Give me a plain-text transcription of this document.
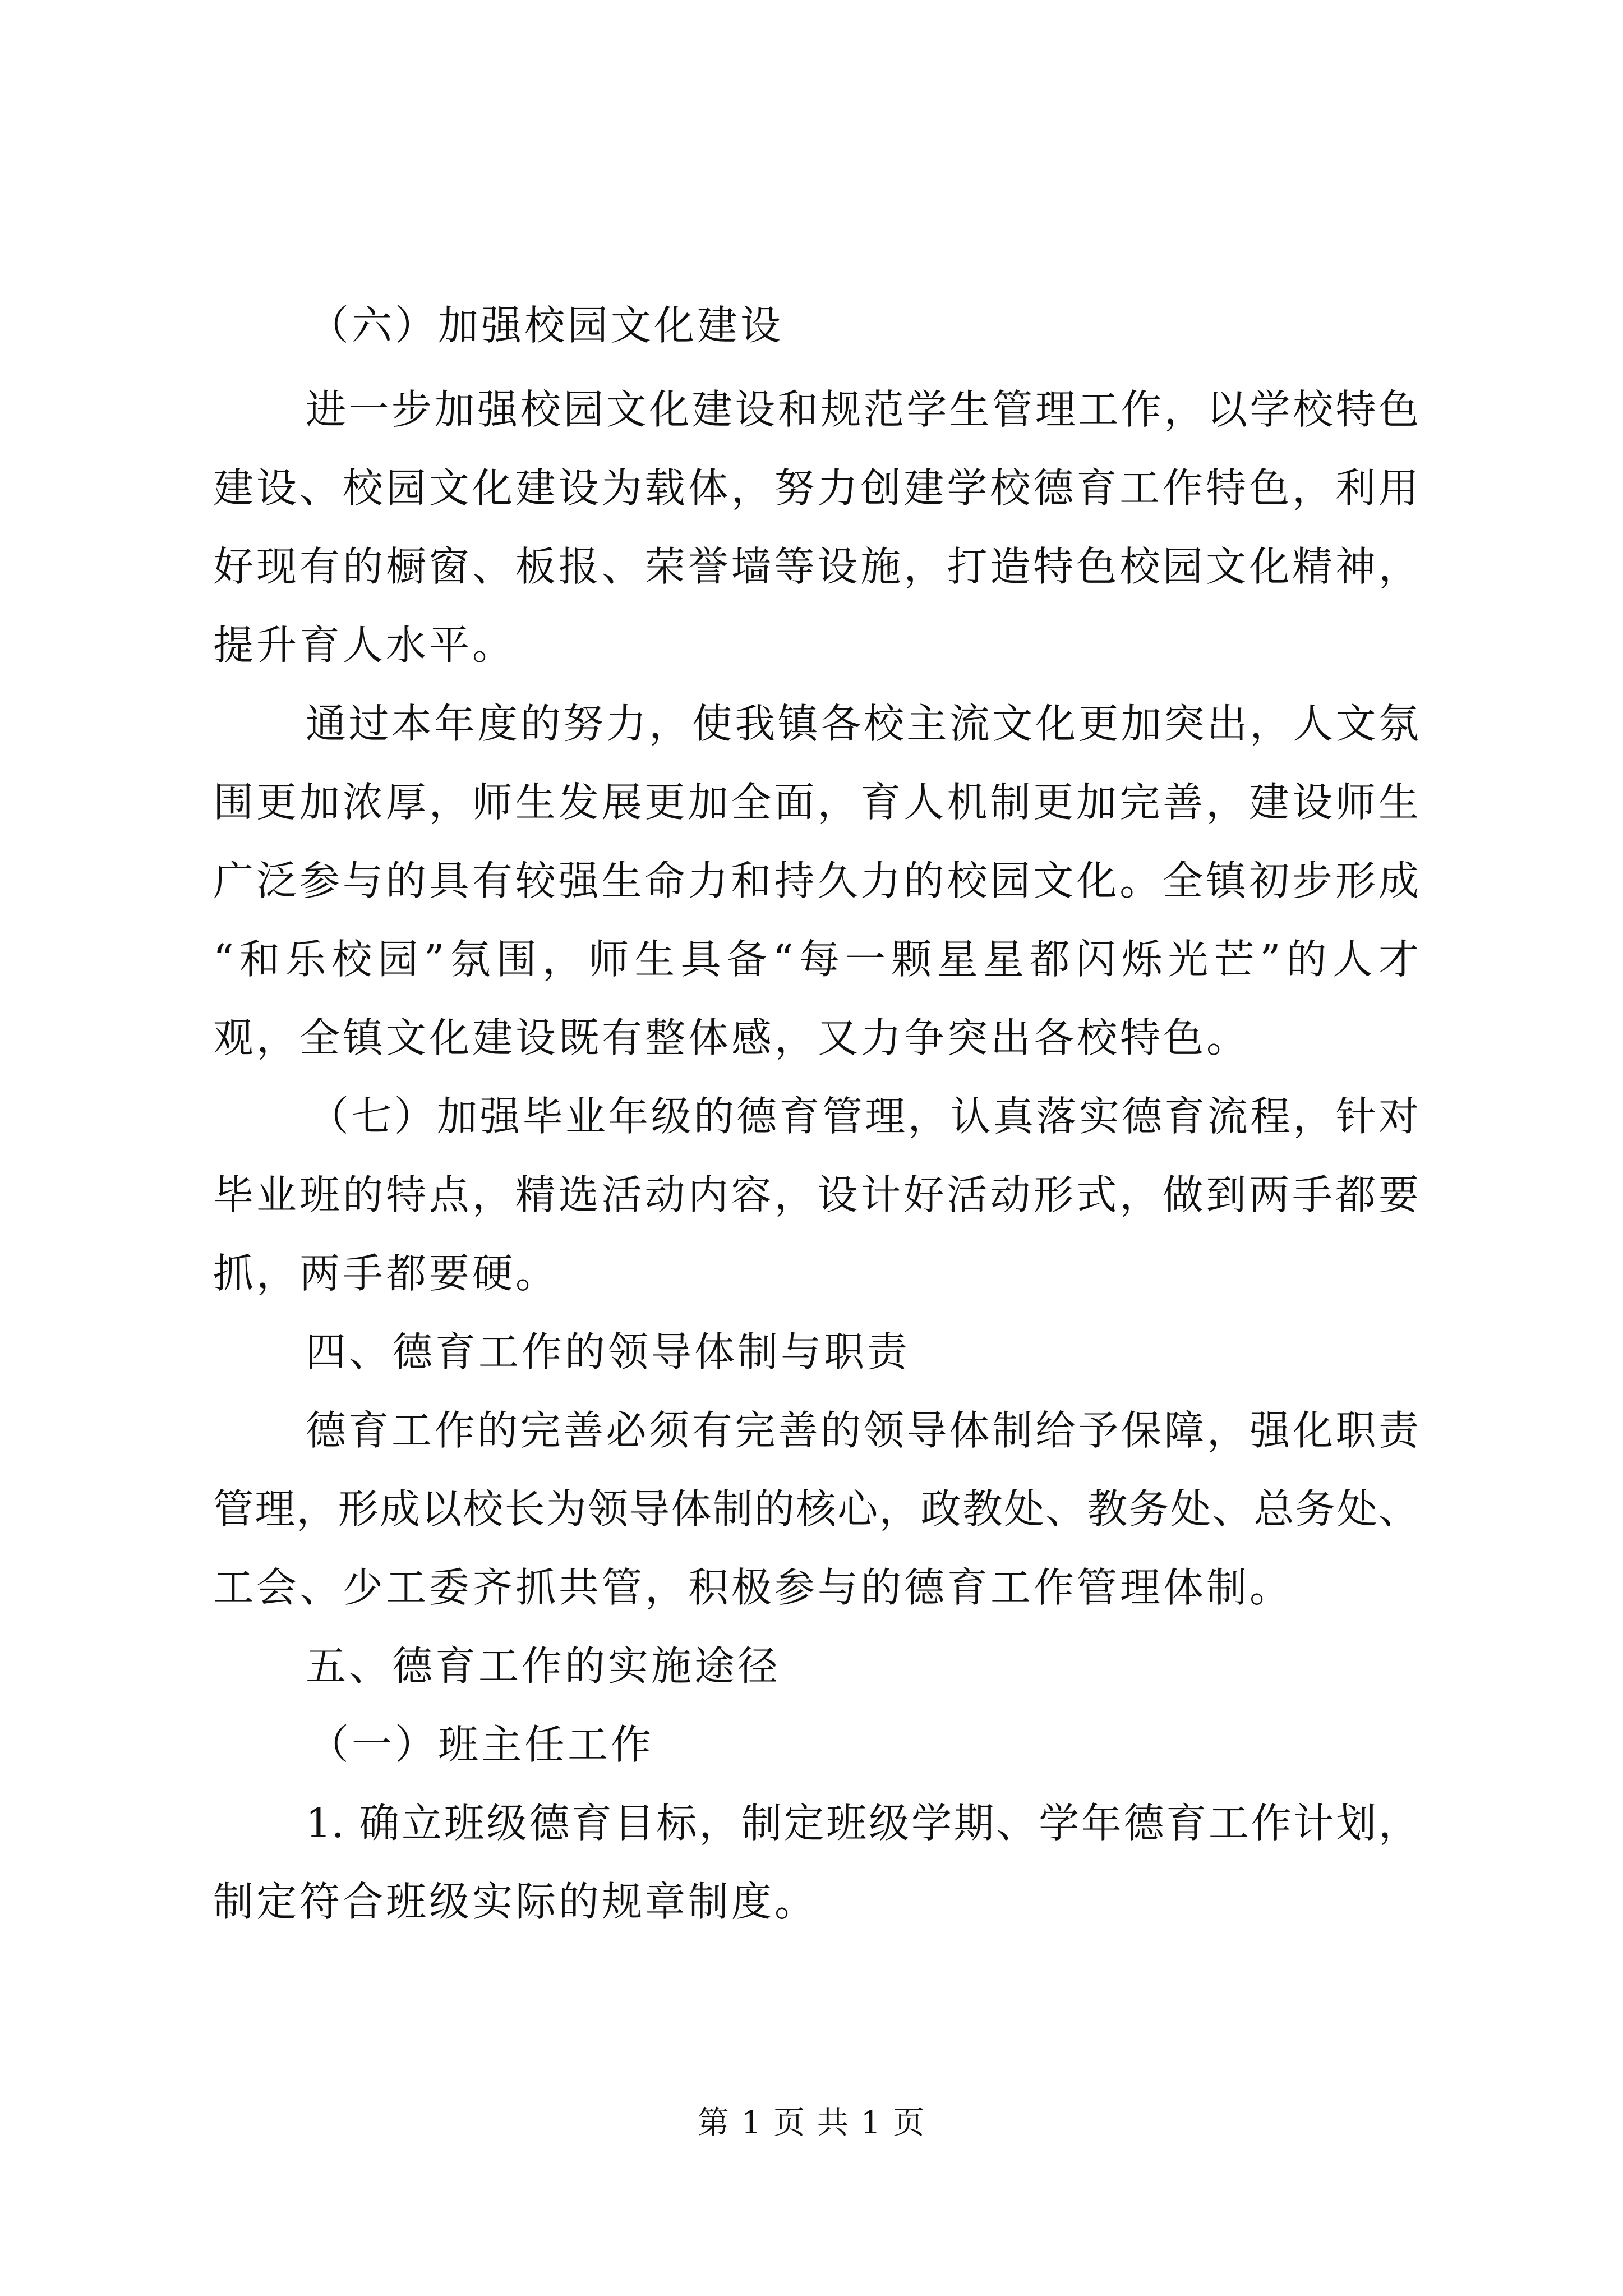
（六）加强校园文化建设
进一步加强校园文化建设和规范学生管理工作，以学校特色
建设、校园文化建设为载体，努力创建学校德育工作特色，利用
好现有的橱窗、板报、荣誉墙等设施，打造特色校园文化精神，
提升育人水平。
通过本年度的努力，使我镇各校主流文化更加突出，人文氛
围更加浓厚，师生发展更加全面，育人机制更加完善，建设师生
广泛参与的具有较强生命力和持久力的校园文化。全镇初步形成
“和乐校园”氛围，师生具备“每一颗星星都闪烁光芒”的人才
观，全镇文化建设既有整体感，又力争突出各校特色。
（七）加强毕业年级的德育管理，认真落实德育流程，针对
毕业班的特点，精选活动内容，设计好活动形式，做到两手都要
抓，两手都要硬。
四、德育工作的领导体制与职责
德育工作的完善必须有完善的领导体制给予保障，强化职责
管理，形成以校长为领导体制的核心，政教处、教务处、总务处、
工会、少工委齐抓共管，积极参与的德育工作管理体制。
五、德育工作的实施途径
（一）班主任工作
1. 确立班级德育目标，制定班级学期、学年德育工作计划，
制定符合班级实际的规章制度。
第 1 页 共 1 页
